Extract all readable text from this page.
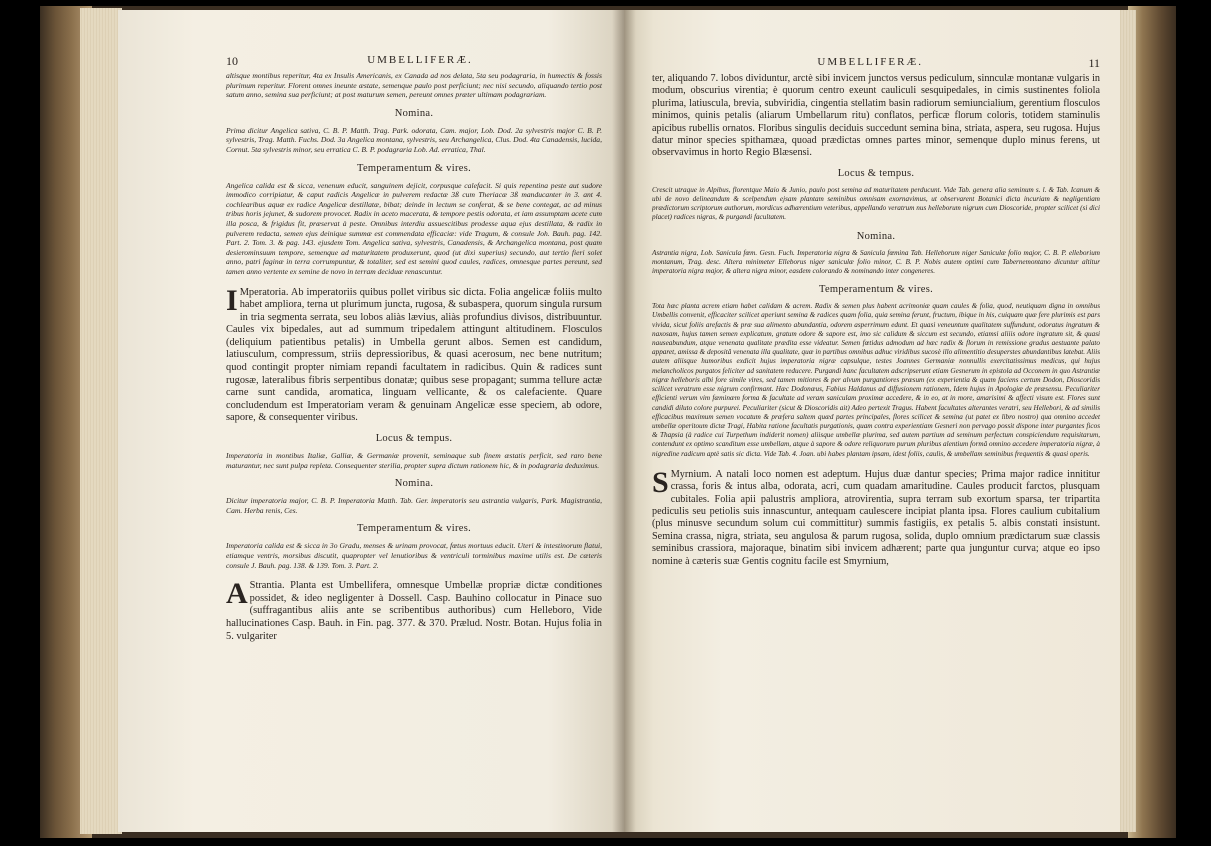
10	UMBELLIFERÆ.

altisque montibus reperitur, 4ta ex Insulis Americanis, ex Canada ad nos delata, 5ta seu podagraria, in humectis & fossis plurimum reperitur. Florent omnes ineunte æstate, semenque paulo post perficiunt; nec nisi secundo, aliquando tertio post satum anno, semina sua perficiunt; at post maturum semen, pereunt omnes præter ultimam podagrariam.

Nomina.

Prima dicitur Angelica sativa, C. B. P. Matth. Trag. Park. odorata, Cam. major, Lob. Dod. 2a sylvestris major C. B. P. sylvestris, Trag. Matth. Fuchs. Dod. 3a Angelica montana, sylvestris, seu Archangelica, Clus. Dod. 4ta Canadensis, lucida, Cornut. 5ta sylvestris minor, seu erratica C. B. P. podagraria Lob. Ad. erratica, Thal.

Temperamentum & vires.

Angelica calida est & sicca, venenum educit, sanguinem dejicit, corpusque calefacit. Si quis repentina peste aut sudore immodico corripiatur, & caput radicis Angelicæ in pulverem redactæ 3ß cum Theriacæ 3ß manducanter in 3. ant 4. cochlearibus aquæ ex radice Angelicæ destillatæ, bibat; deinde in lectum se conferat, & se bene contegat, ac ad minus tribus horis jejunet, & sudorem provocet. Radix in aceto macerata, & tempore pestis odorata, et iam assumptam acete cum illa posca, & frigidus fit, præservat à peste. Omnibus interdiu assuescitibus prodesse aqua ejus destillata, & radix in pulverem redacta, semen ejus deinique summæ est commendata efficaciæ: vide Tragum, & consule Joh. Bauh. pag. 142. Part. 2. Tom. 3. & pag. 143. ejusdem Tom. Angelica sativa, sylvestris, Canadensis, & Archangelica montana, post quam desierominsuum tempore, semenque ad maturitatem produxerunt, quod (ut dixi superius) secundo, aut tertio fieri solet anno, patri faginæ in terra corrumpuntur, & totaliter, sed est semini quod caules, radices, omnesque partes pereunt, sed tamen anno vertente ex semine de novo in terram deciduæ renascuntur.

I Mperatoria. Ab imperatoriis quibus pollet viribus sic dicta. Folia angelicæ foliis multo habet ampliora, terna ut plurimum juncta, rugosa, & subaspera, quorum singula rursum in tria segmenta serrata, seu lobos aliàs lævius, aliàs profundius divisos, distribuuntur. Caules vix bipedales, aut ad summum tripedalem attingunt altitudinem. Flosculos (deliquium patientibus petalis) in Umbella gerunt albos. Semen est candidum, latiusculum, compressum, striis depressioribus, & quasi acerosum, nec bene nutritum; quod contingit propter nimiam repandi facultatem in radicibus. Quin & radices sunt rugosæ, lateralibus fibris serpentibus donatæ; quibus sese propagant; summa tellure actæ carne sunt candida, aromatica, linguam vellicante, & os calefaciente. Quare concludendum est Imperatoriam veram & genuinam Angelicæ esse speciem, ab odore, sapore, & consequenter viribus.

Locus & tempus.

Imperatoria in montibus Italiæ, Galliæ, & Germaniæ provenit, seminaque sub finem æstatis perficit, sed raro bene maturantur, nec sunt pulpa repleta. Consequenter sterilia, propter supra dictum rationem hic, & in podagraria deduximus.

Nomina.

Dicitur imperatoria major, C. B. P. Imperatoria Matth. Tab. Ger. imperatoris seu astrantia vulgaris, Park. Magistrantia, Cam. Herba renis, Ces.

Temperamentum & vires.

Imperatoria calida est & sicca in 3o Gradu, menses & urinam provocat, fœtus mortuus educit. Uteri & intestinorum flatui, etiamque ventris, morsibus discutit, quapropter vel lenutioribus & ventriculi torminibus maxime utilis est. De cæteris consule J. Bauh. pag. 138. & 139. Tom. 3. Part. 2.

A Strantia. Planta est Umbellifera, omnesque Umbellæ propriæ dictæ conditiones possidet, & ideo negligenter à Dossell. Casp. Bauhino collocatur in Pinace suo (suffragantibus aliis ante se scribentibus authoribus) cum Helleboro, Vide hallucinationes Casp. Bauh. in Fin. pag. 377. & 370. Prælud. Nostr. Botan. Hujus folia in 5. vulgariter

UMBELLIFERÆ.	11

ter, aliquando 7. lobos dividuntur, arctè sibi invicem junctos versus pediculum, sinnculæ montanæ vulgaris in modum, obscurius virentia; è quorum centro exeunt cauliculi sesquipedales, in cimis sustinentes foliola plurima, latiuscula, brevia, subviridia, cingentia stellatim basin radiorum semiuncialium, gerentium flosculos minimos, quinis petalis (aliarum Umbellarum ritu) conflatos, perficæ florum coloris, totidem staminulis apicibus rubellis ornatos. Floribus singulis deciduis succedunt semina bina, striata, aspera, seu rugosa. Hujus datur minor species spithamæa, quoad prædictas omnes partes minor, semenque duplo minus ferens, ut observavimus in horto Regio Blæsensi.

Locus & tempus.

Crescit utraque in Alpibus, florentque Maio & Junio, paulo post semina ad maturitatem perducunt. Vide Tab. genera alia seminum s. l. & Tab. Icanum & ubi de novo delineandum & scelpendum ejsam plantam seminibus omnisam exornavimus, ut observarent Botanici dicta incuriam & negligentiam prædictorum scriptorum authorum, mordicus adhærentium veteribus, appellando veratrum nus helleborum nigrum cum Dioscoride, propter scilicet (si dici placet) radices nigras, & purgandi facultatem.

Nomina.

Astrantia nigra, Lob. Sanicula fœm. Gesn. Fuch. Imperatoria nigra & Sanicula fœmina Tab. Helleborum niger Saniculæ folio major, C. B. P. elleborium montanum, Trag. desc. Altera minimeter Elleborus niger saniculæ folio minor, C. B. P. Nobis autem optimi cum Tabernemontano dicuntur altitur imperatoria nigra major, & altera nigra minor, easdem colorando & nominando inter congeneres.

Temperamentum & vires.

Tota hæc planta acrem etiam habet calidam & acrem. Radix & semen plus habent acrimoniæ quam caules & folia, quod, neutiquam digna in omnibus Umbellis convenit, efficaciter scilicet aperiunt semina & radices quam folia, quia semina ferunt, fructum, ibique in his, cuiquam quæ fere plurimis est pars vivida, sicut foliis arefactis & præ sua alimento abundantia, odorem asperrimum edunt. Et quasi veneuntum qualitatem suffundunt, odoratus ingratum & naxosam, hujus tamen semen explicatum, gratum odore & sapore est, imo sic calidum & siccum est secundo, etiamsi aliiis odore ingratum sit, & quasi nauseabundum, atque venenata qualitate prædita esse videatur. Semen fœtidus admodum ad hæc radix & florum in remissione gradus aestuante palato apparet, amissa & depositâ venenata illa qualitate, quæ in partibus omnibus adhuc viridibus sucosè illo alimentitio desuperstes abundantibus latebat. Aliis autem aliisque humoribus exdicit hujus imperatoria nigræ capsulque, testes Joannes Germaniæ nonnullis exercitatissimus medicus, qui hujus melancholicos purgatos feliciter ad sanitatem reducere. Purgandi hanc facultatem adscripserunt etiam Gesnerum in epistola ad Occonem in quo Astrantiæ nigræ helleboris albi fore simile vires, sed tamen mitiores & per alvum purgantiores præsum (ex experientia & quam faciens certum Dodon, Dioscoridis scilicet veratrum esse nigrum confirmant. Hæc Dodonæus, Fabius Haldanus ad diffusionem rationem, Idem hujus in Apologiæ de præsensu. Peculiariter efficienti verum vim fæminæm forma & facultate ad veram saniculam proximæ accedere, & in eo, at in more, amarisimi & affecti visum est. Flores sunt candidi diluto colore purpurei. Peculiariter (sicut & Dioscoridis ait) Adeo pertexit Tragus. Habent facultates alterantes veratri, seu Hellebori, & ad similis efficacibus maximum semen vocatum & præfera saltem quæd partes principales, flores scilicet & semina (ut patet ex libro nostro) qua omnino accedet umbellæ operitoum dictæ Tragi, Habita ratione facultatis purgationis, quam contra experientiam Gesneri non pervago possit dispone inter purgantes ficos & Thapsia (à radice cui Turpethum indiderit nomen) aliisque umbellæ plurima, sed autem partium ad seminum perfectum conspiciendum requisitarum, contendunt ex optimo scanditum esse umbellam, atque à sapore & odore reliquorum purum pluribus alentium formâ omnino accedere imperatoria nigræ, à nigredine radicum aptè satis sic dicta. Vide Tab. 4. Joan. ubi habes plantam ipsam, idest foliis, caulis, & umbellam seminibus frequentis & quasi operis.

S Myrnium. A natali loco nomen est adeptum. Hujus duæ dantur species; Prima major radice innititur crassa, foris & intus alba, odorata, acri, cum quadam amaritudine. Caules producit farctos, plusquam cubitales. Folia apii palustris ampliora, atrovirentia, supra terram sub exortum sparsa, ter tripartita pediculis seu petiolis suis innascuntur, antequam caulescere incipiat planta ipsa. Flores caulium cubitalium (plus minusve secundum solum cui committitur) summis fastigiis, ex petalis 5. albis constati insistunt. Semina crassa, nigra, striata, seu angulosa & parum rugosa, solida, duplo omnium prædictarum suæ classis seminibus crassiora, majoraque, binatim sibi invicem adhærent; parte qua junguntur curva; atque eo ipso nomine à cæteris suæ Gentis cognitu facile est Smyrnium,
